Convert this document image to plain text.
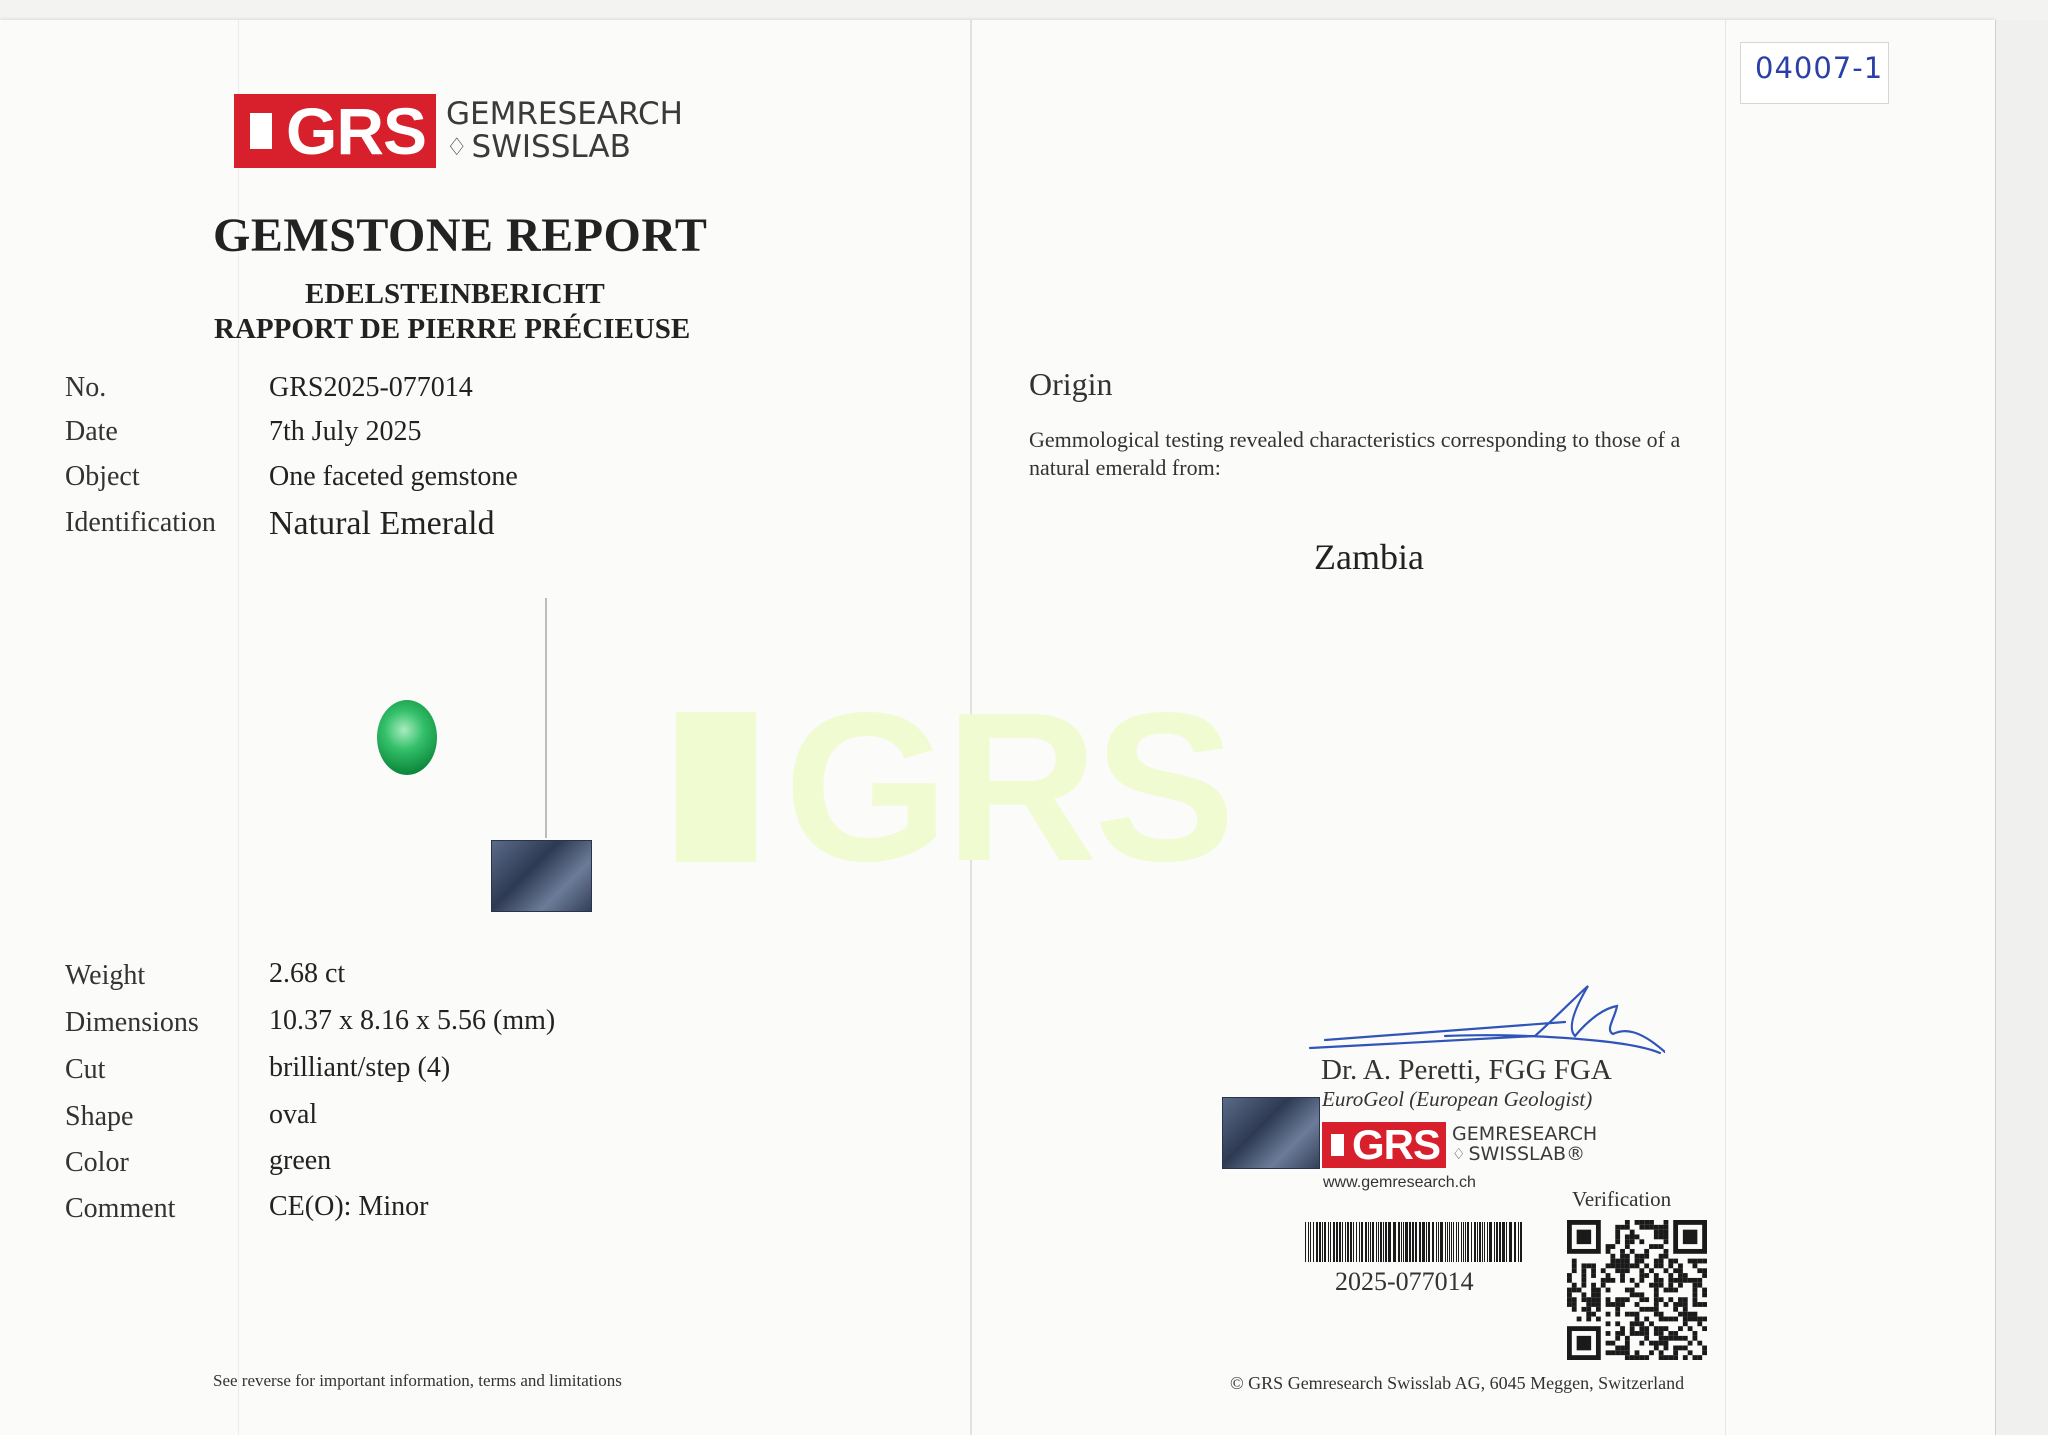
GRS
GRS GEMRESEARCH
♢ SWISSLAB
GEMSTONE REPORT
EDELSTEINBERICHT
RAPPORT DE PIERRE PRÉCIEUSE
No.	GRS2025-077014
Date	7th July 2025
Object	One faceted gemstone
Identification Natural Emerald
Weight	2.68 ct
Dimensions	10.37 x 8.16 x 5.56 (mm)
Cut	brilliant/step (4)
Shape	oval
Color	green
Comment	CE(O): Minor
See reverse for important information, terms and limitations
Origin
Gemmological testing revealed characteristics corresponding to those of a natural emerald from:
Zambia
Dr. A. Peretti, FGG FGA
EuroGeol (European Geologist)
GRS GEMRESEARCH
♢ SWISSLAB®
www.gemresearch.ch
Verification
2025-077014
© GRS Gemresearch Swisslab AG, 6045 Meggen, Switzerland
04007-1
